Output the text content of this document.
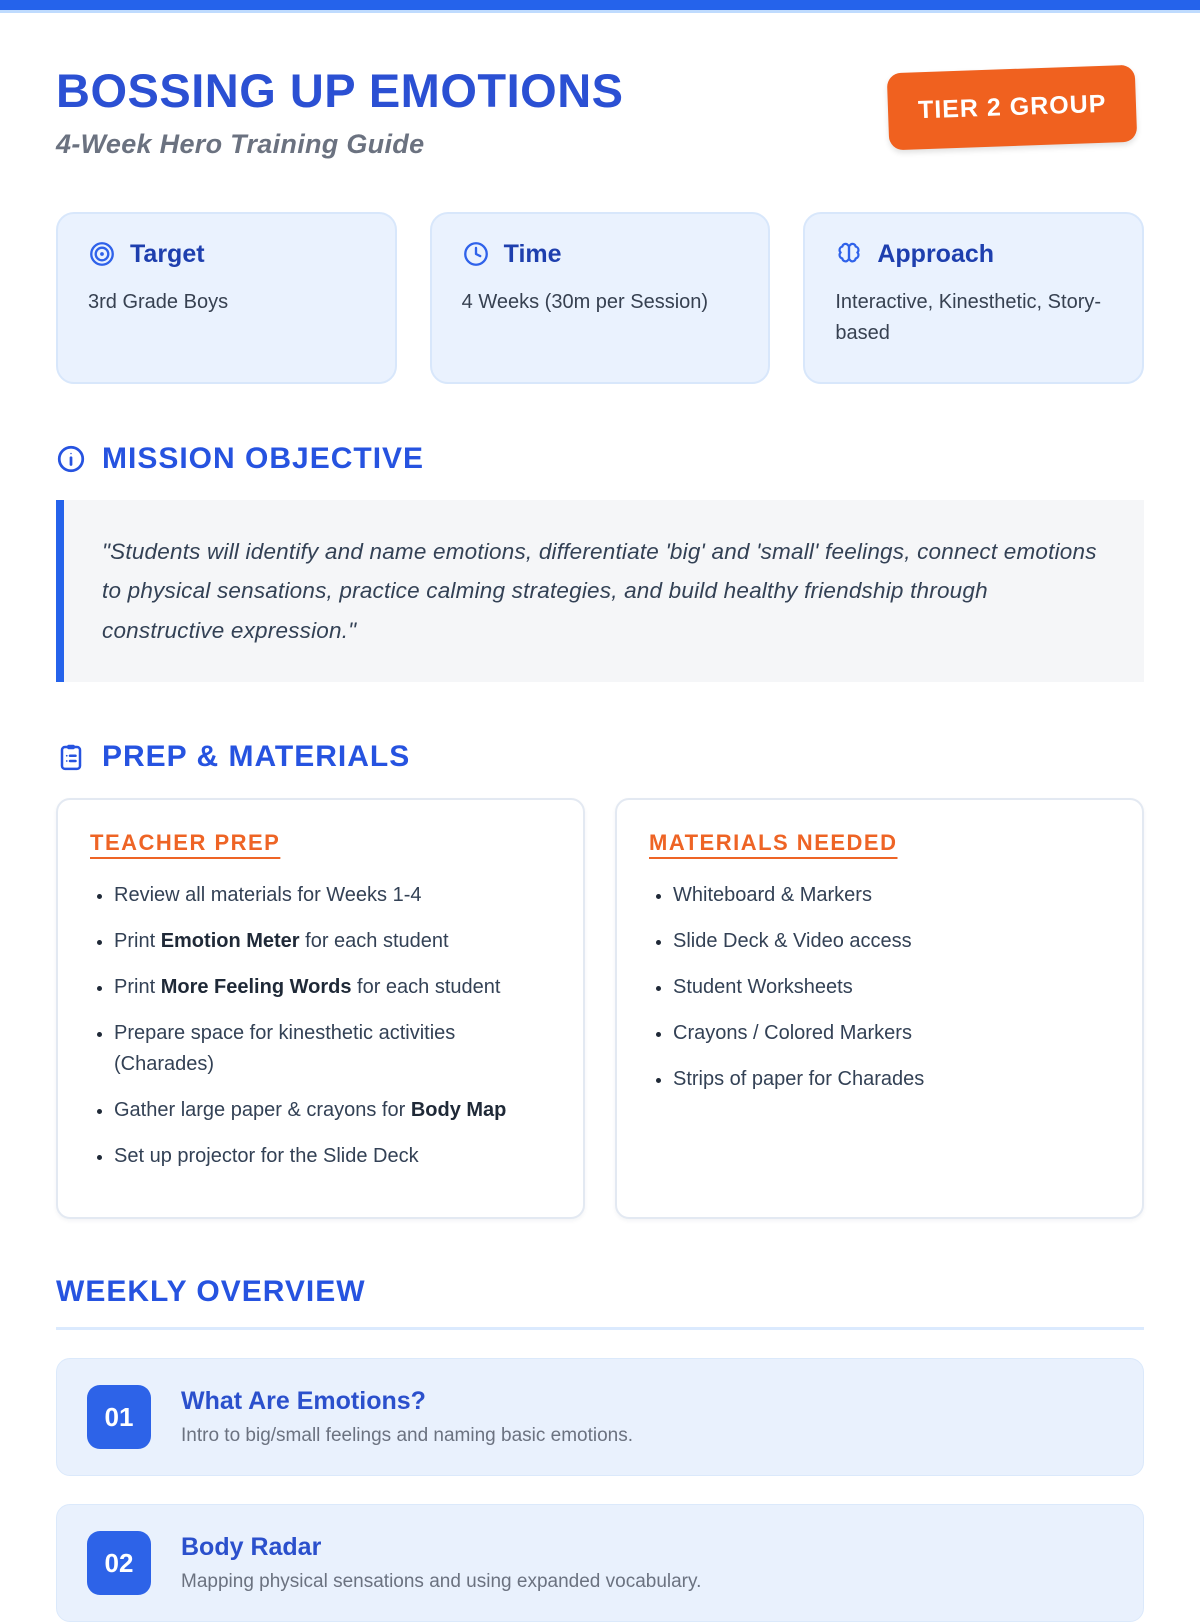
BOSSING UP EMOTIONS
4-Week Hero Training Guide
TIER 2 GROUP
Target
3rd Grade Boys
Time
4 Weeks (30m per Session)
Approach
Interactive, Kinesthetic, Story-based
MISSION OBJECTIVE
"Students will identify and name emotions, differentiate 'big' and 'small' feelings, connect emotions to physical sensations, practice calming strategies, and build healthy friendship through constructive expression."
PREP & MATERIALS
TEACHER PREP
• Review all materials for Weeks 1-4
• Print Emotion Meter for each student
• Print More Feeling Words for each student
• Prepare space for kinesthetic activities (Charades)
• Gather large paper & crayons for Body Map
• Set up projector for the Slide Deck
MATERIALS NEEDED
• Whiteboard & Markers
• Slide Deck & Video access
• Student Worksheets
• Crayons / Colored Markers
• Strips of paper for Charades
WEEKLY OVERVIEW
01
What Are Emotions?
Intro to big/small feelings and naming basic emotions.
02
Body Radar
Mapping physical sensations and using expanded vocabulary.
